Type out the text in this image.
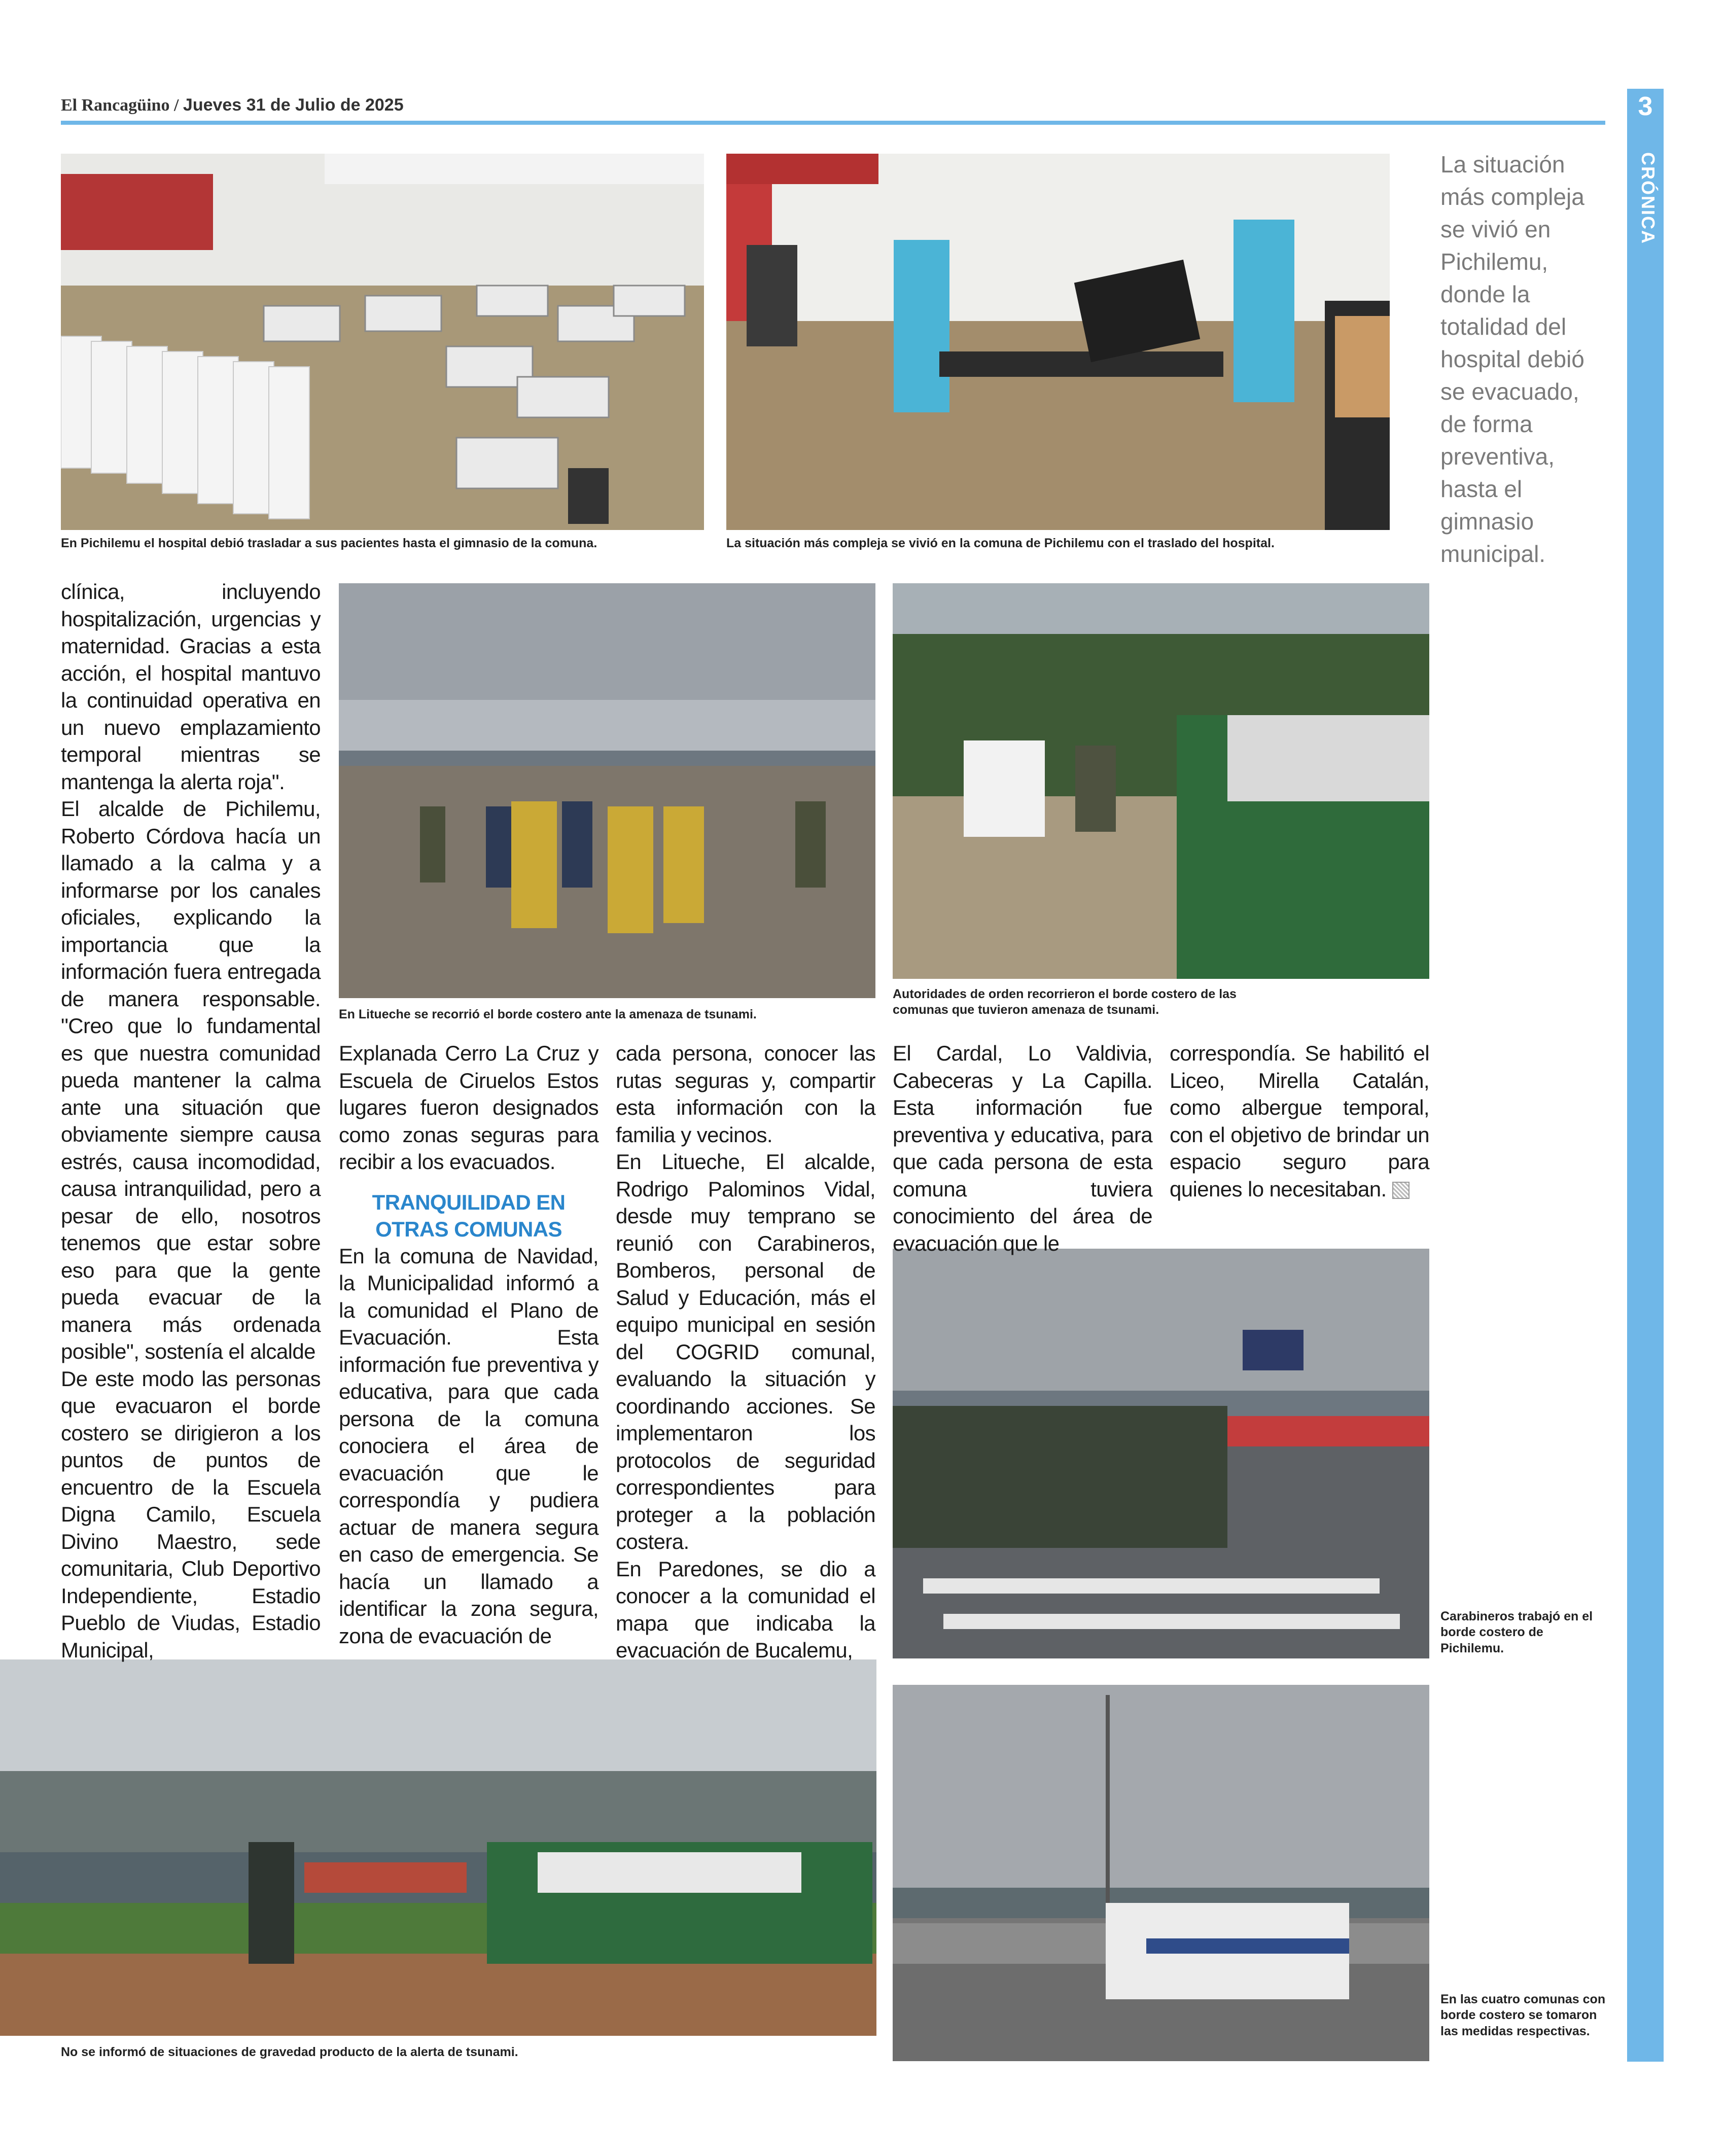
El Rancagüino / Jueves 31 de Julio de 2025	3
CRÓNICA
En Pichilemu el hospital debió trasladar a sus pacientes hasta el gimnasio de la comuna.	La situación más compleja se vivió en la comuna de Pichilemu con el traslado del hospital.
La situación más compleja se vivió en Pichilemu, donde la totalidad del hospital debió se evacuado, de forma preventiva, hasta el gimnasio municipal.
En Litueche se recorrió el borde costero ante la amenaza de tsunami.
Autoridades de orden recorrieron el borde costero de las comunas que tuvieron amenaza de tsunami.
Carabineros trabajó en el borde costero de Pichilemu.
No se informó de situaciones de gravedad producto de la alerta de tsunami.
En las cuatro comunas con borde costero se tomaron las medidas respectivas.

clínica, incluyendo hospitalización, urgencias y maternidad. Gracias a esta acción, el hospital mantuvo la continuidad operativa en un nuevo emplazamiento temporal mientras se mantenga la alerta roja".

El alcalde de Pichilemu, Roberto Córdova hacía un llamado a la calma y a informarse por los canales oficiales, explicando la importancia que la información fuera entregada de manera responsable. "Creo que lo fundamental es que nuestra comunidad pueda mantener la calma ante una situación que obviamente siempre causa estrés, causa incomodidad, causa intranquilidad, pero a pesar de ello, nosotros tenemos que estar sobre eso para que la gente pueda evacuar de la manera más ordenada posible", sostenía el alcalde

De este modo las personas que evacuaron el borde costero se dirigieron a los puntos de puntos de encuentro de la Escuela Digna Camilo, Escuela Divino Maestro, sede comunitaria, Club Deportivo Independiente, Estadio Pueblo de Viudas, Estadio Municipal,

Explanada Cerro La Cruz y Escuela de Ciruelos Estos lugares fueron designados como zonas seguras para recibir a los evacuados.

TRANQUILIDAD EN OTRAS COMUNAS

En la comuna de Navidad, la Municipalidad informó a la comunidad el Plano de Evacuación. Esta información fue preventiva y educativa, para que cada persona de la comuna conociera el área de evacuación que le correspondía y pudiera actuar de manera segura en caso de emergencia. Se hacía un llamado a identificar la zona segura, zona de evacuación de

cada persona, conocer las rutas seguras y, compartir esta información con la familia y vecinos.

En Litueche, El alcalde, Rodrigo Palominos Vidal, desde muy temprano se reunió con Carabineros, Bomberos, personal de Salud y Educación, más el equipo municipal en sesión del COGRID comunal, evaluando la situación y coordinando acciones. Se implementaron los protocolos de seguridad correspondientes para proteger a la población costera.

En Paredones, se dio a conocer a la comunidad el mapa que indicaba la evacuación de Bucalemu,

El Cardal, Lo Valdivia, Cabeceras y La Capilla. Esta información fue preventiva y educativa, para que cada persona de esta comuna tuviera conocimiento del área de evacuación que le

correspondía. Se habilitó el Liceo, Mirella Catalán, como albergue temporal, con el objetivo de brindar un espacio seguro para quienes lo necesitaban.
